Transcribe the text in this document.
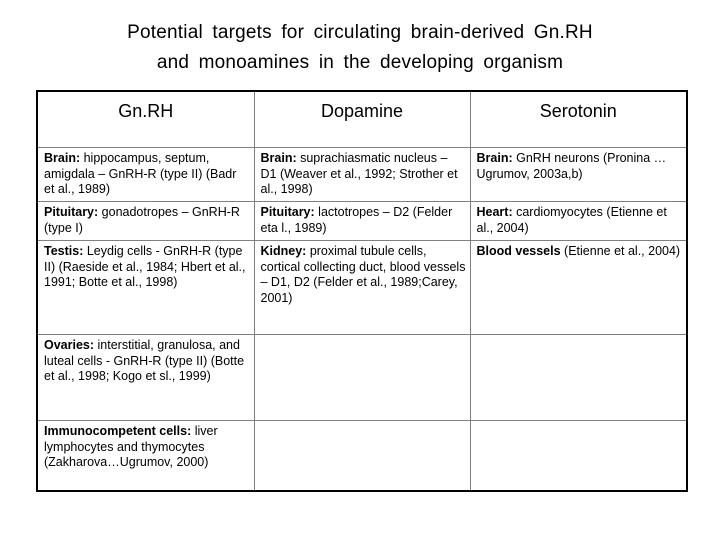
Potential targets for circulating brain-derived Gn.RH
and monoamines in the developing organism
Gn.RH	Dopamine	Serotonin
Brain: hippocampus, septum, amigdala – GnRH-R (type II) (Badr et al., 1989)	Brain: suprachiasmatic nucleus – D1 (Weaver et al., 1992; Strother et al., 1998)	Brain: GnRH neurons (Pronina …Ugrumov, 2003a,b)
Pituitary: gonadotropes – GnRH-R (type I)	Pituitary: lactotropes – D2 (Felder eta l., 1989)	Heart: cardiomyocytes (Etienne et al., 2004)
Testis: Leydig cells - GnRH-R (type II) (Raeside et al., 1984; Hbert et al., 1991; Botte et al., 1998)	Kidney: proximal tubule cells, cortical collecting duct, blood vessels – D1, D2 (Felder et al., 1989;Carey, 2001)	Blood vessels (Etienne et al., 2004)
Ovaries: interstitial, granulosa, and luteal cells - GnRH-R (type II) (Botte et al., 1998; Kogo et sl., 1999)		
Immunocompetent cells: liver lymphocytes and thymocytes (Zakharova…Ugrumov, 2000)		
